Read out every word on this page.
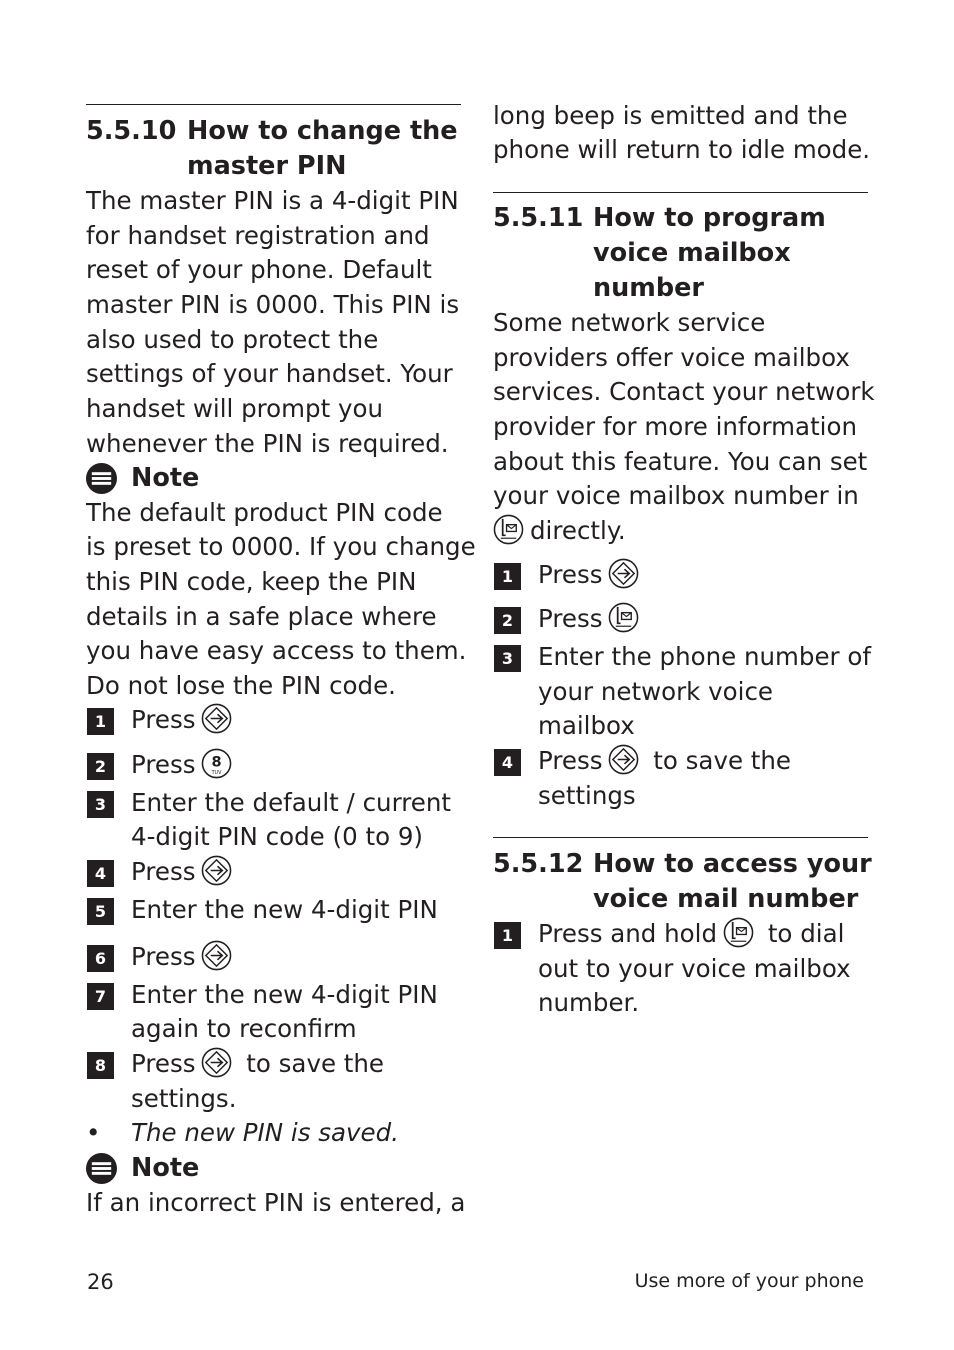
5.5.10 How to change the
master PIN

The master PIN is a 4-digit PIN

for handset registration and

reset of your phone. Default

master PIN is 0000. This PIN is

also used to protect the

settings of your handset. Your

handset will prompt you

whenever the PIN is required.

Note

The default product PIN code

is preset to 0000. If you change

this PIN code, keep the PIN

details in a safe place where

you have easy access to them.

Do not lose the PIN code.

1	Press

2	Press 8
TUV

3	Enter the default / current

4-digit PIN code (0 to 9)

4	Press

5	Enter the new 4-digit PIN

6	Press

7	Enter the new 4-digit PIN

again to reconfirm

8	Press to save the

settings.

• The new PIN is saved.

Note

If an incorrect PIN is entered, a

long beep is emitted and the

phone will return to idle mode.

5.5.11 How to program
voice mailbox
number

Some network service

providers offer voice mailbox

services. Contact your network

provider for more information

about this feature. You can set

your voice mailbox number in

directly.

1	Press

2	Press

3	Enter the phone number of

your network voice

mailbox

4	Press to save the

settings

5.5.12 How to access your
voice mail number
1	Press and hold to dial

out to your voice mailbox

number.

26	Use more of your phone
